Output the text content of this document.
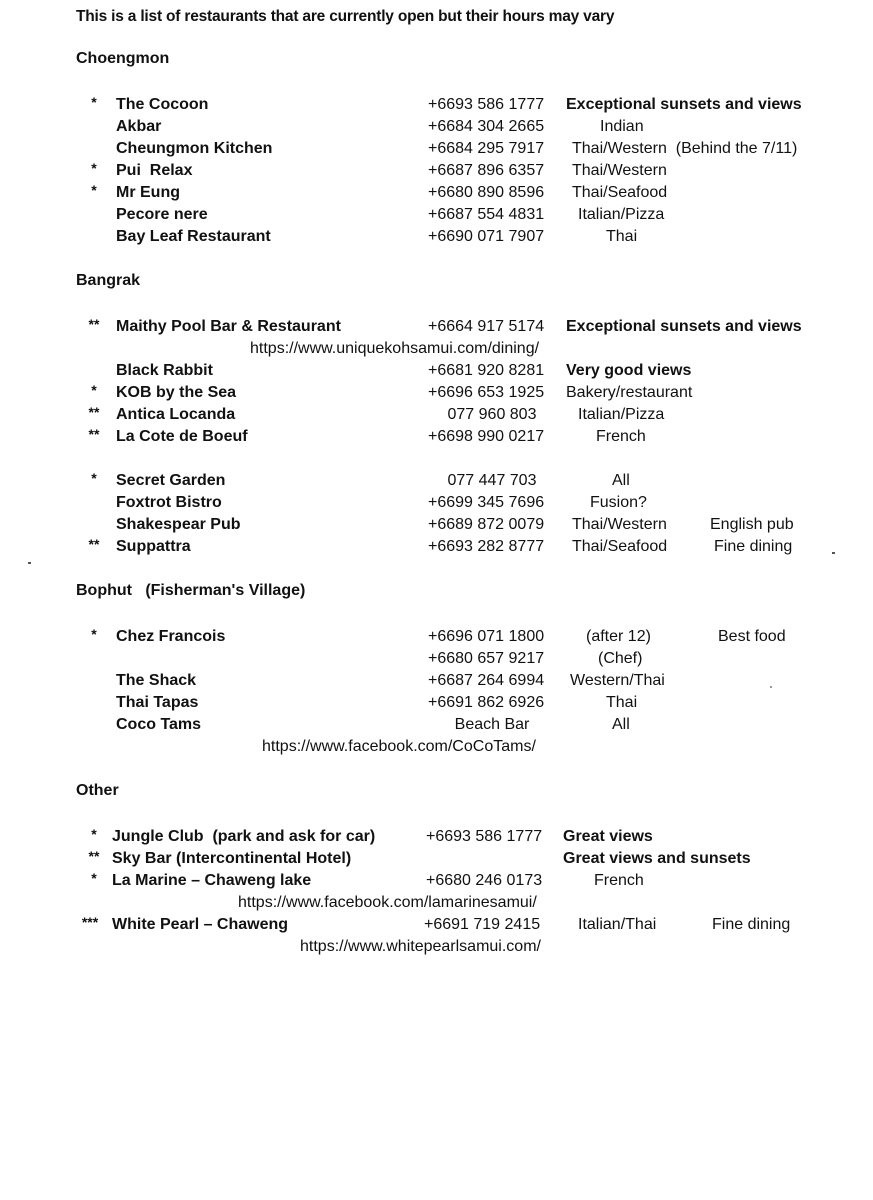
This is a list of restaurants that are currently open but their hours may vary
Choengmon
*	The Cocoon	+6693 586 1777 Exceptional sunsets and views
Akbar	+6684 304 2665	Indian
Cheungmon Kitchen	+6684 295 7917 Thai/Western  (Behind the 7/11)
*	Pui  Relax	+6687 896 6357 Thai/Western
*	Mr Eung	+6680 890 8596 Thai/Seafood
Pecore nere	+6687 554 4831 Italian/Pizza
Bay Leaf Restaurant	+6690 071 7907	Thai
Bangrak
**	Maithy Pool Bar & Restaurant	+6664 917 5174 Exceptional sunsets and views
https://www.uniquekohsamui.com/dining/
Black Rabbit	+6681 920 8281 Very good views
*	KOB by the Sea	+6696 653 1925 Bakery/restaurant
**	Antica Locanda	077 960 803	Italian/Pizza
**	La Cote de Boeuf	+6698 990 0217	French
*	Secret Garden	077 447 703	All
Foxtrot Bistro	+6699 345 7696	Fusion?
Shakespear Pub	+6689 872 0079 Thai/Western	English pub
**	Suppattra	+6693 282 8777 Thai/Seafood	Fine dining
Bophut   (Fisherman's Village)
*	Chez Francois	+6696 071 1800	(after 12)	Best food
+6680 657 9217	(Chef)
The Shack	+6687 264 6994 Western/Thai
Thai Tapas	+6691 862 6926	Thai
Coco Tams	Beach Bar	All
https://www.facebook.com/CoCoTams/
Other
* Jungle Club  (park and ask for car)	+6693 586 1777 Great views
** Sky Bar (Intercontinental Hotel)	Great views and sunsets
* La Marine – Chaweng lake	+6680 246 0173	French
https://www.facebook.com/lamarinesamui/
*** White Pearl – Chaweng	+6691 719 2415 Italian/Thai	Fine dining
https://www.whitepearlsamui.com/
